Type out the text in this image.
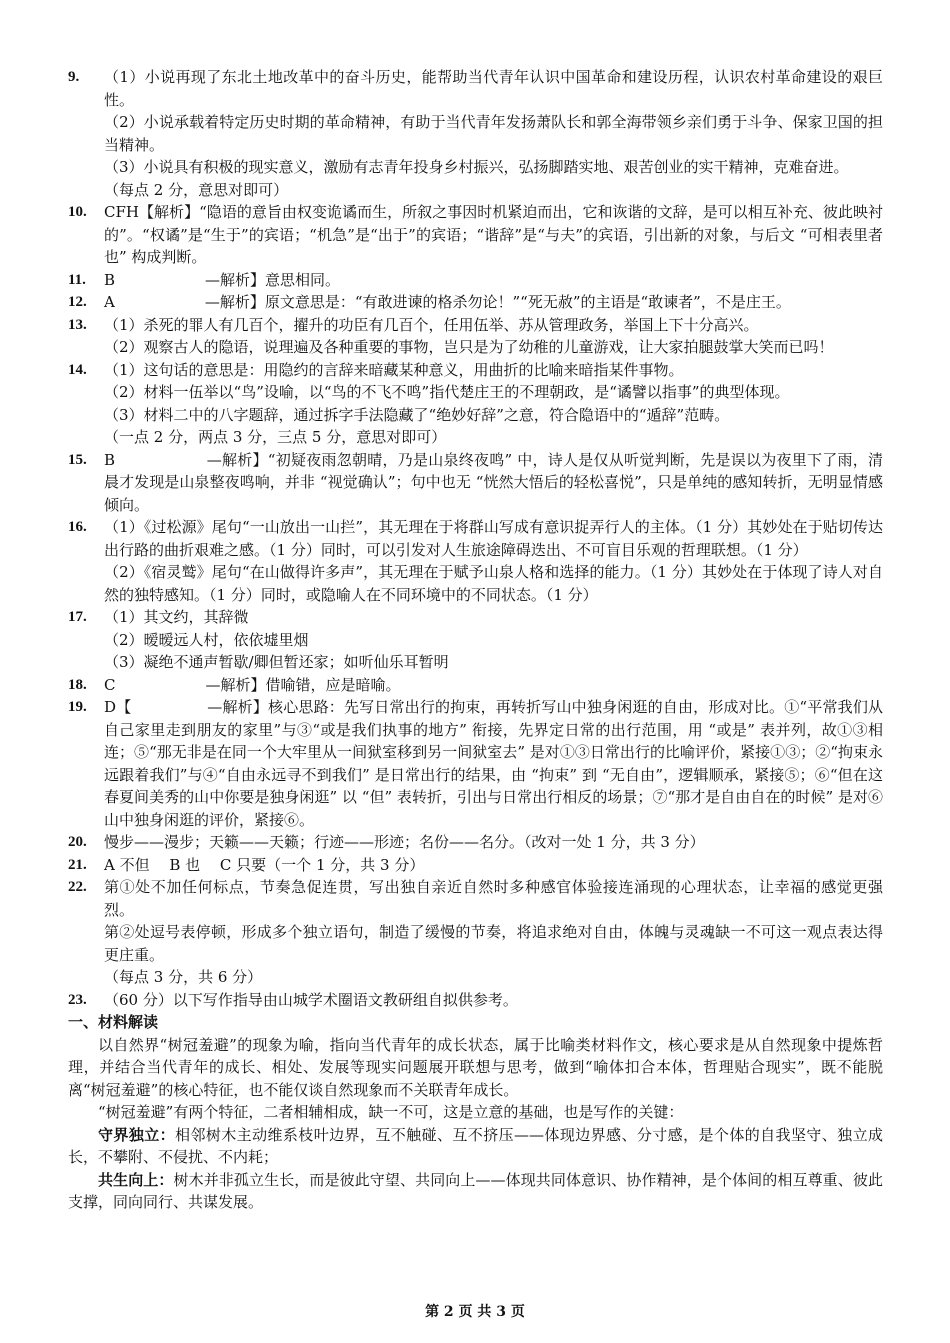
9.	（1）小说再现了东北土地改革中的奋斗历史，能帮助当代青年认识中国革命和建设历程，认识农村革命建设的艰巨性。

（2）小说承载着特定历史时期的革命精神，有助于当代青年发扬萧队长和郭全海带领乡亲们勇于斗争、保家卫国的担当精神。

（3）小说具有积极的现实意义，激励有志青年投身乡村振兴，弘扬脚踏实地、艰苦创业的实干精神，克难奋进。

（每点 2 分，意思对即可）

10.	CFH【解析】“隐语的意旨由权变诡谲而生，所叙之事因时机紧迫而出，它和诙谐的文辞，是可以相互补充、彼此映衬的”。“权谲”是“生于”的宾语；“机急”是“出于”的宾语；“谐辞”是“与夫”的宾语，引出新的对象，与后文 “可相表里者也” 构成判断。

11.	B　　　　　　—解析】意思相同。

12.	A　　　　　　—解析】原文意思是：“有敢进谏的格杀勿论！”“死无赦”的主语是“敢谏者”，不是庄王。

13.	（1）杀死的罪人有几百个，擢升的功臣有几百个，任用伍举、苏从管理政务，举国上下十分高兴。

（2）观察古人的隐语，说理遍及各种重要的事物，岂只是为了幼稚的儿童游戏，让大家拍腿鼓掌大笑而已吗！

14.	（1）这句话的意思是：用隐约的言辞来暗藏某种意义，用曲折的比喻来暗指某件事物。

（2）材料一伍举以“鸟”设喻，以“鸟的不飞不鸣”指代楚庄王的不理朝政，是“谲譬以指事”的典型体现。

（3）材料二中的八字题辞，通过拆字手法隐藏了“绝妙好辞”之意，符合隐语中的“遁辞”范畴。

（一点 2 分，两点 3 分，三点 5 分，意思对即可）

15.	B　　　　　　—解析】“初疑夜雨忽朝晴，乃是山泉终夜鸣” 中，诗人是仅从听觉判断，先是误以为夜里下了雨，清晨才发现是山泉整夜鸣响，并非 “视觉确认”；句中也无 “恍然大悟后的轻松喜悦”，只是单纯的感知转折，无明显情感倾向。

16.	（1）《过松源》尾句“一山放出一山拦”，其无理在于将群山写成有意识捉弄行人的主体。（1 分）其妙处在于贴切传达出行路的曲折艰难之感。（1 分）同时，可以引发对人生旅途障碍迭出、不可盲目乐观的哲理联想。（1 分）

（2）《宿灵鹫》尾句“在山做得许多声”，其无理在于赋予山泉人格和选择的能力。（1 分）其妙处在于体现了诗人对自然的独特感知。（1 分）同时，或隐喻人在不同环境中的不同状态。（1 分）

17.	（1）其文约，其辞微

（2）暧暧远人村，依依墟里烟

（3）凝绝不通声暂歇/卿但暂还家；如听仙乐耳暂明

18.	C　　　　　　—解析】借喻错，应是暗喻。

19.	D【　　　　　—解析】核心思路：先写日常出行的拘束，再转折写山中独身闲逛的自由，形成对比。①“平常我们从自己家里走到朋友的家里”与③“或是我们执事的地方” 衔接，先界定日常的出行范围，用 “或是” 表并列，故①③相连；⑤“那无非是在同一个大牢里从一间狱室移到另一间狱室去” 是对①③日常出行的比喻评价，紧接①③；②“拘束永远跟着我们”与④“自由永远寻不到我们” 是日常出行的结果，由 “拘束” 到 “无自由”，逻辑顺承，紧接⑤；⑥“但在这春夏间美秀的山中你要是独身闲逛” 以 “但” 表转折，引出与日常出行相反的场景；⑦“那才是自由自在的时候” 是对⑥山中独身闲逛的评价，紧接⑥。

20.	慢步——漫步；天籁——天籁；行迹——形迹；名份——名分。（改对一处 1 分，共 3 分）

21.	A 不但　 B 也　 C 只要（一个 1 分，共 3 分）

22.	第①处不加任何标点，节奏急促连贯，写出独自亲近自然时多种感官体验接连涌现的心理状态，让幸福的感觉更强烈。

第②处逗号表停顿，形成多个独立语句，制造了缓慢的节奏，将追求绝对自由，体魄与灵魂缺一不可这一观点表达得更庄重。

（每点 3 分，共 6 分）

23.	（60 分）以下写作指导由山城学术圈语文教研组自拟供参考。

一、材料解读

以自然界“树冠羞避”的现象为喻，指向当代青年的成长状态，属于比喻类材料作文，核心要求是从自然现象中提炼哲理，并结合当代青年的成长、相处、发展等现实问题展开联想与思考，做到“喻体扣合本体，哲理贴合现实”，既不能脱离“树冠羞避”的核心特征，也不能仅谈自然现象而不关联青年成长。

“树冠羞避”有两个特征，二者相辅相成，缺一不可，这是立意的基础，也是写作的关键：

守界独立：相邻树木主动维系枝叶边界，互不触碰、互不挤压——体现边界感、分寸感，是个体的自我坚守、独立成长，不攀附、不侵扰、不内耗；

共生向上：树木并非孤立生长，而是彼此守望、共同向上——体现共同体意识、协作精神，是个体间的相互尊重、彼此支撑，同向同行、共谋发展。

第 2 页 共 3 页
